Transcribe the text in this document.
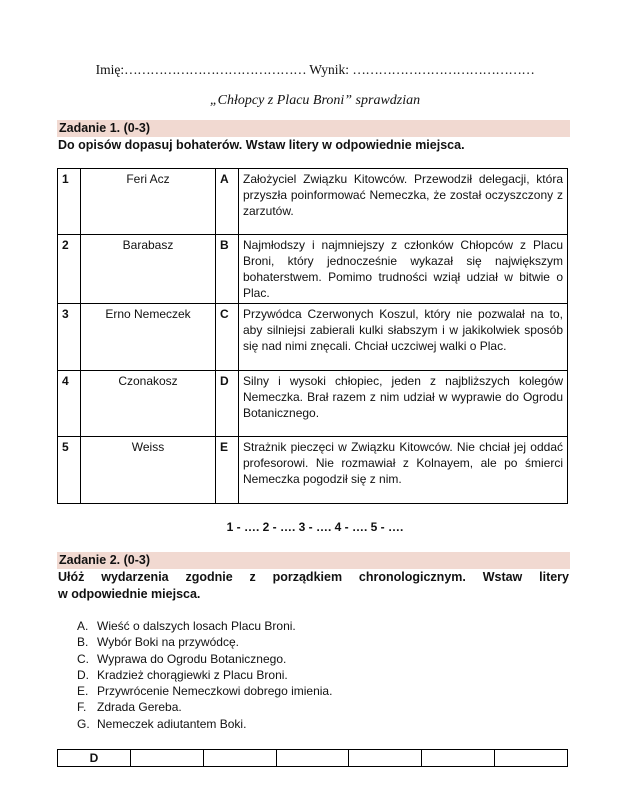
Imię:…………………………………… Wynik: ……………………………………
„Chłopcy z Placu Broni” sprawdzian
Zadanie 1. (0-3)
Do opisów dopasuj bohaterów. Wstaw litery w odpowiednie miejsca.
1	Feri Acz	A	Założyciel Związku Kitowców. Przewodził delegacji, która przyszła poinformować Nemeczka, że został oczyszczony z zarzutów.
2	Barabasz	B	Najmłodszy i najmniejszy z członków Chłopców z Placu Broni, który jednocześnie wykazał się największym bohaterstwem. Pomimo trudności wziął udział w bitwie o Plac.
3	Erno Nemeczek	C	Przywódca Czerwonych Koszul, który nie pozwalał na to, aby silniejsi zabierali kulki słabszym i w jakikolwiek sposób się nad nimi znęcali. Chciał uczciwej walki o Plac.
4	Czonakosz	D	Silny i wysoki chłopiec, jeden z najbliższych kolegów Nemeczka. Brał razem z nim udział w wyprawie do Ogrodu Botanicznego.
5	Weiss	E	Strażnik pieczęci w Związku Kitowców. Nie chciał jej oddać profesorowi. Nie rozmawiał z Kolnayem, ale po śmierci Nemeczka pogodził się z nim.
1 - …. 2 - …. 3 - …. 4 - …. 5 - ….
Zadanie 2. (0-3)
Ułóż wydarzenia zgodnie z porządkiem chronologicznym. Wstaw litery
w odpowiednie miejsca.
A. Wieść o dalszych losach Placu Broni.
B. Wybór Boki na przywódcę.
C. Wyprawa do Ogrodu Botanicznego.
D. Kradzież chorągiewki z Placu Broni.
E. Przywrócenie Nemeczkowi dobrego imienia.
F. Zdrada Gereba.
G. Nemeczek adiutantem Boki.
D						
